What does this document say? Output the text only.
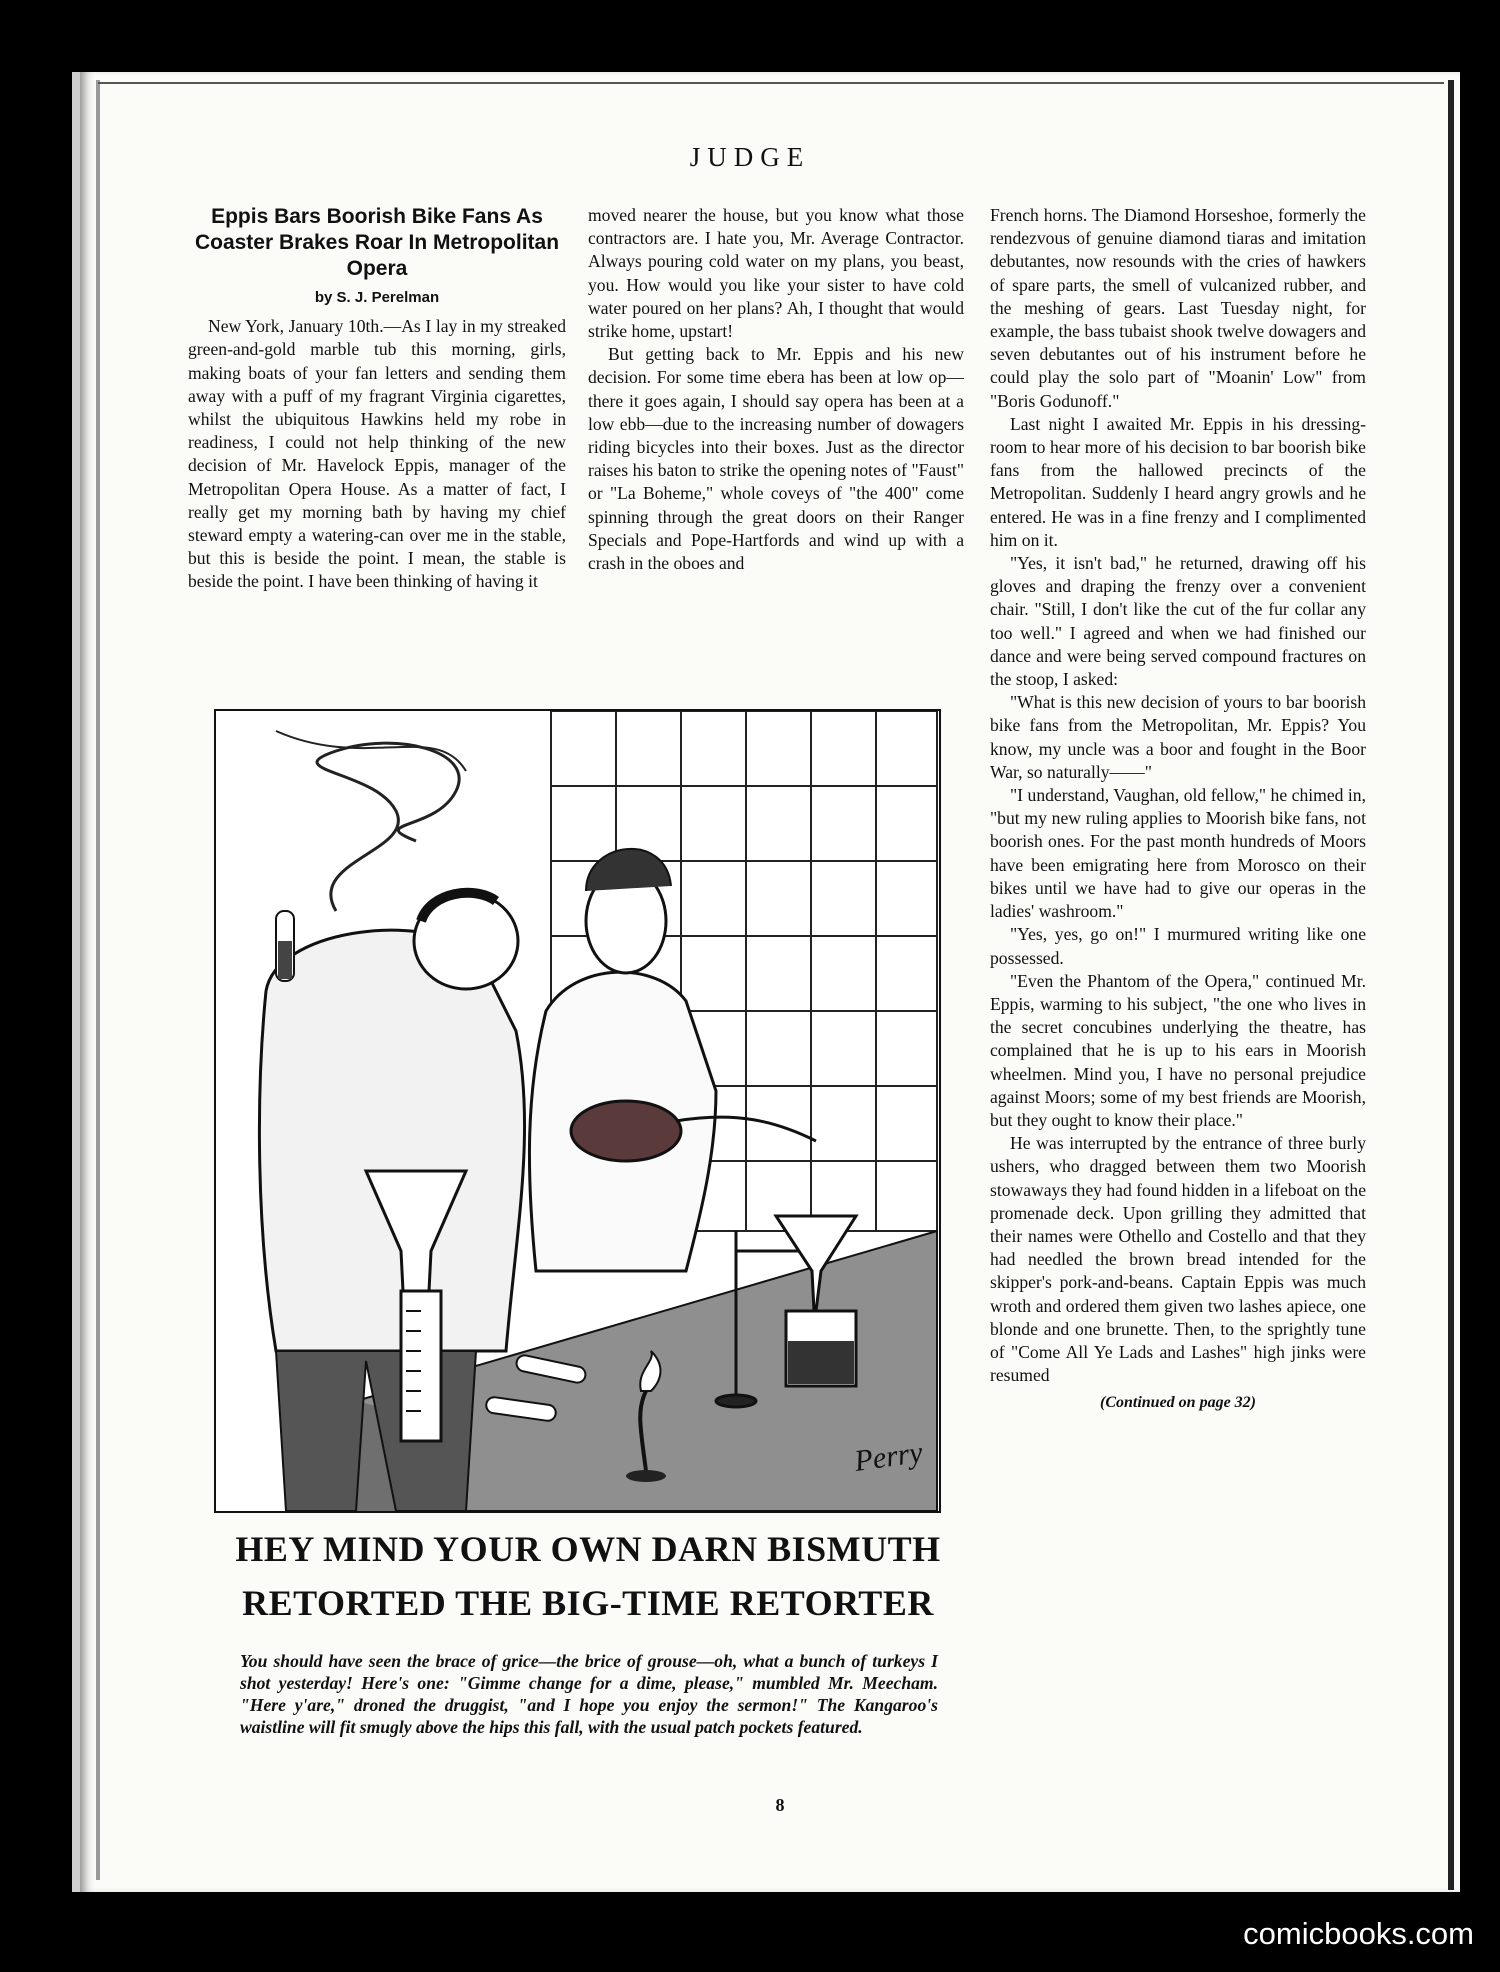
JUDGE
Eppis Bars Boorish Bike Fans As Coaster Brakes Roar In Metropolitan Opera
by S. J. Perelman

New York, January 10th.—As I lay in my streaked green-and-gold marble tub this morning, girls, making boats of your fan letters and sending them away with a puff of my fragrant Virginia cigarettes, whilst the ubiquitous Hawkins held my robe in readiness, I could not help thinking of the new decision of Mr. Havelock Eppis, manager of the Metropolitan Opera House. As a matter of fact, I really get my morning bath by having my chief steward empty a watering-can over me in the stable, but this is beside the point. I mean, the stable is beside the point. I have been thinking of having it

moved nearer the house, but you know what those contractors are. I hate you, Mr. Average Contractor. Always pouring cold water on my plans, you beast, you. How would you like your sister to have cold water poured on her plans? Ah, I thought that would strike home, upstart!

But getting back to Mr. Eppis and his new decision. For some time ebera has been at low op—there it goes again, I should say opera has been at a low ebb—due to the increasing number of dowagers riding bicycles into their boxes. Just as the director raises his baton to strike the opening notes of "Faust" or "La Boheme," whole coveys of "the 400" come spinning through the great doors on their Ranger Specials and Pope-Hartfords and wind up with a crash in the oboes and

French horns. The Diamond Horseshoe, formerly the rendezvous of genuine diamond tiaras and imitation debutantes, now resounds with the cries of hawkers of spare parts, the smell of vulcanized rubber, and the meshing of gears. Last Tuesday night, for example, the bass tubaist shook twelve dowagers and seven debutantes out of his instrument before he could play the solo part of "Moanin' Low" from "Boris Godunoff."

Last night I awaited Mr. Eppis in his dressing-room to hear more of his decision to bar boorish bike fans from the hallowed precincts of the Metropolitan. Suddenly I heard angry growls and he entered. He was in a fine frenzy and I complimented him on it.

"Yes, it isn't bad," he returned, drawing off his gloves and draping the frenzy over a convenient chair. "Still, I don't like the cut of the fur collar any too well." I agreed and when we had finished our dance and were being served compound fractures on the stoop, I asked:

"What is this new decision of yours to bar boorish bike fans from the Metropolitan, Mr. Eppis? You know, my uncle was a boor and fought in the Boor War, so naturally——"

"I understand, Vaughan, old fellow," he chimed in, "but my new ruling applies to Moorish bike fans, not boorish ones. For the past month hundreds of Moors have been emigrating here from Morosco on their bikes until we have had to give our operas in the ladies' washroom."

"Yes, yes, go on!" I murmured writing like one possessed.

"Even the Phantom of the Opera," continued Mr. Eppis, warming to his subject, "the one who lives in the secret concubines underlying the theatre, has complained that he is up to his ears in Moorish wheelmen. Mind you, I have no personal prejudice against Moors; some of my best friends are Moorish, but they ought to know their place."

He was interrupted by the entrance of three burly ushers, who dragged between them two Moorish stowaways they had found hidden in a lifeboat on the promenade deck. Upon grilling they admitted that their names were Othello and Costello and that they had needled the brown bread intended for the skipper's pork-and-beans. Captain Eppis was much wroth and ordered them given two lashes apiece, one blonde and one brunette. Then, to the sprightly tune of "Come All Ye Lads and Lashes" high jinks were resumed

(Continued on page 32)
Perry
HEY MIND YOUR OWN DARN BISMUTH
RETORTED THE BIG-TIME RETORTER
You should have seen the brace of grice—the brice of grouse—oh, what a bunch of turkeys I shot yesterday! Here's one: "Gimme change for a dime, please," mumbled Mr. Meecham. "Here y'are," droned the druggist, "and I hope you enjoy the sermon!" The Kangaroo's waistline will fit smugly above the hips this fall, with the usual patch pockets featured.
8
comicbooks.com
